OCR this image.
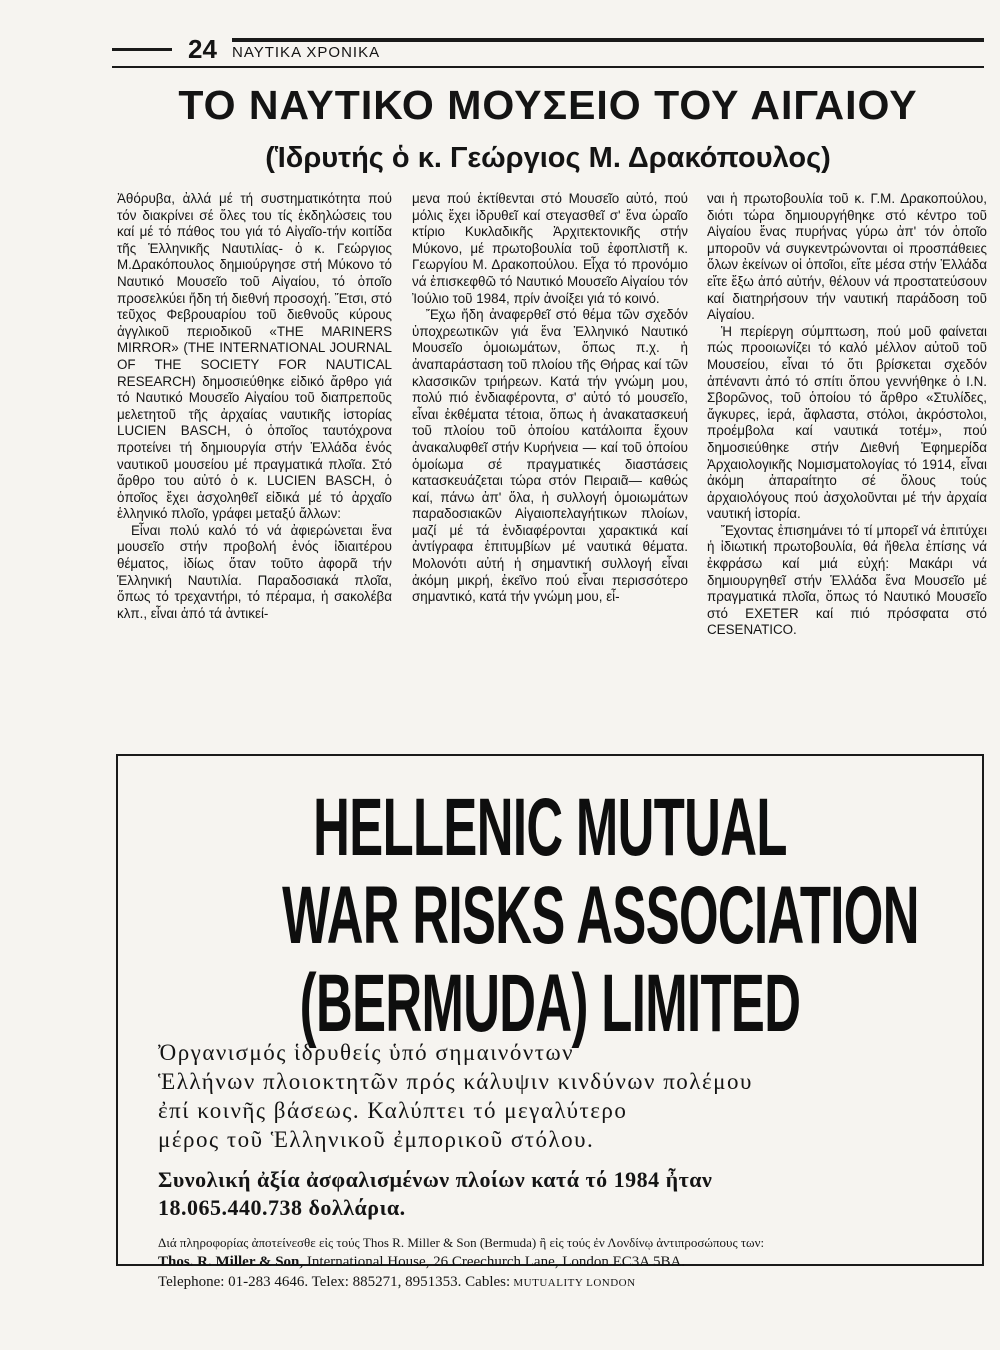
24 ΝΑΥΤΙΚΑ ΧΡΟΝΙΚΑ
ΤΟ ΝΑΥΤΙΚΟ ΜΟΥΣΕΙΟ ΤΟΥ ΑΙΓΑΙΟΥ
(Ἱδρυτής ὁ κ. Γεώργιος Μ. Δρακόπουλος)

Ἀθόρυβα, ἀλλά μέ τή συστηματικότητα πού τόν διακρίνει σέ ὅλες του τίς ἐκδηλώσεις του καί μέ τό πάθος του γιά τό Αἰγαῖο-τήν κοιτίδα τῆς Ἑλληνικῆς Ναυτιλίας- ὁ κ. Γεώργιος Μ.Δρακόπουλος δημιούργησε στή Μύκονο τό Ναυτικό Μουσεῖο τοῦ Αἰγαίου, τό ὁποῖο προσελκύει ἤδη τή διεθνή προσοχή. Ἔτσι, στό τεῦχος Φεβρουαρίου τοῦ διεθνοῦς κύρους ἀγγλικοῦ περιοδικοῦ «THE MARINERS MIRROR» (THE INTERNATIONAL JOURNAL OF THE SOCIETY FOR NAUTICAL RESEARCH) δημοσιεύθηκε εἰδικό ἄρθρο γιά τό Ναυτικό Μουσεῖο Αἰγαίου τοῦ διαπρεποῦς μελετητοῦ τῆς ἀρχαίας ναυτικῆς ἱστορίας LUCIEN BASCH, ὁ ὁποῖος ταυτόχρονα προτείνει τή δημιουργία στήν Ἑλλάδα ἑνός ναυτικοῦ μουσείου μέ πραγματικά πλοῖα. Στό ἄρθρο του αὐτό ὁ κ. LUCIEN BASCH, ὁ ὁποῖος ἔχει ἀσχοληθεῖ εἰδικά μέ τό ἀρχαῖο ἑλληνικό πλοῖο, γράφει μεταξύ ἄλλων:

Εἶναι πολύ καλό τό νά ἀφιερώνεται ἕνα μουσεῖο στήν προβολή ἑνός ἰδιαιτέρου θέματος, ἰδίως ὅταν τοῦτο ἀφορᾶ τήν Ἑλληνική Ναυτιλία. Παραδοσιακά πλοῖα, ὅπως τό τρεχαντήρι, τό πέραμα, ἡ σακολέβα κλπ., εἶναι ἀπό τά ἀντικεί-

μενα πού ἐκτίθενται στό Μουσεῖο αὐτό, πού μόλις ἔχει ἱδρυθεῖ καί στεγασθεῖ σ' ἕνα ὡραῖο κτίριο Κυκλαδικῆς Ἀρχιτεκτονικῆς στήν Μύκονο, μέ πρωτοβουλία τοῦ ἐφοπλιστῆ κ. Γεωργίου Μ. Δρακοπούλου. Εἶχα τό προνόμιο νά ἐπισκεφθῶ τό Ναυτικό Μουσεῖο Αἰγαίου τόν Ἰούλιο τοῦ 1984, πρίν ἀνοίξει γιά τό κοινό.

Ἔχω ἤδη ἀναφερθεῖ στό θέμα τῶν σχεδόν ὑποχρεωτικῶν γιά ἕνα Ἑλληνικό Ναυτικό Μουσεῖο ὁμοιωμάτων, ὅπως π.χ. ἡ ἀναπαράσταση τοῦ πλοίου τῆς Θήρας καί τῶν κλασσικῶν τριήρεων. Κατά τήν γνώμη μου, πολύ πιό ἐνδιαφέροντα, σ' αὐτό τό μουσεῖο, εἶναι ἐκθέματα τέτοια, ὅπως ἡ ἀνακατασκευή τοῦ πλοίου τοῦ ὁποίου κατάλοιπα ἔχουν ἀνακαλυφθεῖ στήν Κυρήνεια — καί τοῦ ὁποίου ὁμοίωμα σέ πραγματικές διαστάσεις κατασκευάζεται τώρα στόν Πειραιᾶ— καθώς καί, πάνω ἀπ' ὅλα, ἡ συλλογή ὁμοιωμάτων παραδοσιακῶν Αἰγαιοπελαγήτικων πλοίων, μαζί μέ τά ἐνδιαφέρονται χαρακτικά καί ἀντίγραφα ἐπιτυμβίων μέ ναυτικά θέματα. Μολονότι αὐτή ἡ σημαντική συλλογή εἶναι ἀκόμη μικρή, ἐκεῖνο πού εἶναι περισσότερο σημαντικό, κατά τήν γνώμη μου, εἶ-

ναι ἡ πρωτοβουλία τοῦ κ. Γ.Μ. Δρακοπούλου, διότι τώρα δημιουργήθηκε στό κέντρο τοῦ Αἰγαίου ἕνας πυρήνας γύρω ἀπ' τόν ὁποῖο μποροῦν νά συγκεντρώνονται οἱ προσπάθειες ὅλων ἐκείνων οἱ ὁποῖοι, εἴτε μέσα στήν Ἑλλάδα εἴτε ἔξω ἀπό αὐτήν, θέλουν νά προστατεύσουν καί διατηρήσουν τήν ναυτική παράδοση τοῦ Αἰγαίου.

Ἡ περίεργη σύμπτωση, πού μοῦ φαίνεται πώς προοιωνίζει τό καλό μέλλον αὐτοῦ τοῦ Μουσείου, εἶναι τό ὅτι βρίσκεται σχεδόν ἀπέναντι ἀπό τό σπίτι ὅπου γεννήθηκε ὁ Ι.Ν. Σβορῶνος, τοῦ ὁποίου τό ἄρθρο «Στυλίδες, ἄγκυρες, ἱερά, ἄφλαστα, στόλοι, ἀκρόστολοι, προέμβολα καί ναυτικά τοτέμ», πού δημοσιεύθηκε στήν Διεθνή Ἐφημερίδα Ἀρχαιολογικῆς Νομισματολογίας τό 1914, εἶναι ἀκόμη ἀπαραίτητο σέ ὅλους τούς ἀρχαιολόγους πού ἀσχολοῦνται μέ τήν ἀρχαία ναυτική ἱστορία.

Ἔχοντας ἐπισημάνει τό τί μπορεῖ νά ἐπιτύχει ἡ ἰδιωτική πρωτοβουλία, θά ἤθελα ἐπίσης νά ἐκφράσω καί μιά εὐχή: Μακάρι νά δημιουργηθεῖ στήν Ἑλλάδα ἕνα Μουσεῖο μέ πραγματικά πλοῖα, ὅπως τό Ναυτικό Μουσεῖο στό EXETER καί πιό πρόσφατα στό CESENATICO.

HELLENIC MUTUAL
WAR RISKS ASSOCIATION
(BERMUDA) LIMITED
Ὀργανισμός ἱδρυθείς ὑπό σημαινόντων
Ἑλλήνων πλοιοκτητῶν πρός κάλυψιν κινδύνων πολέμου
ἐπί κοινῆς βάσεως. Καλύπτει τό μεγαλύτερο
μέρος τοῦ Ἑλληνικοῦ ἐμπορικοῦ στόλου.
Συνολική ἀξία ἀσφαλισμένων πλοίων κατά τό 1984 ἦταν
18.065.440.738 δολλάρια.
Διά πληροφορίας ἀποτείνεσθε εἰς τούς Thos R. Miller & Son (Bermuda) ἢ εἰς τούς ἐν Λονδίνῳ ἀντιπροσώπους των:
Thos. R. Miller & Son, International House, 26 Creechurch Lane, London EC3A 5BA.
Telephone: 01-283 4646. Telex: 885271, 8951353. Cables: MUTUALITY LONDON
